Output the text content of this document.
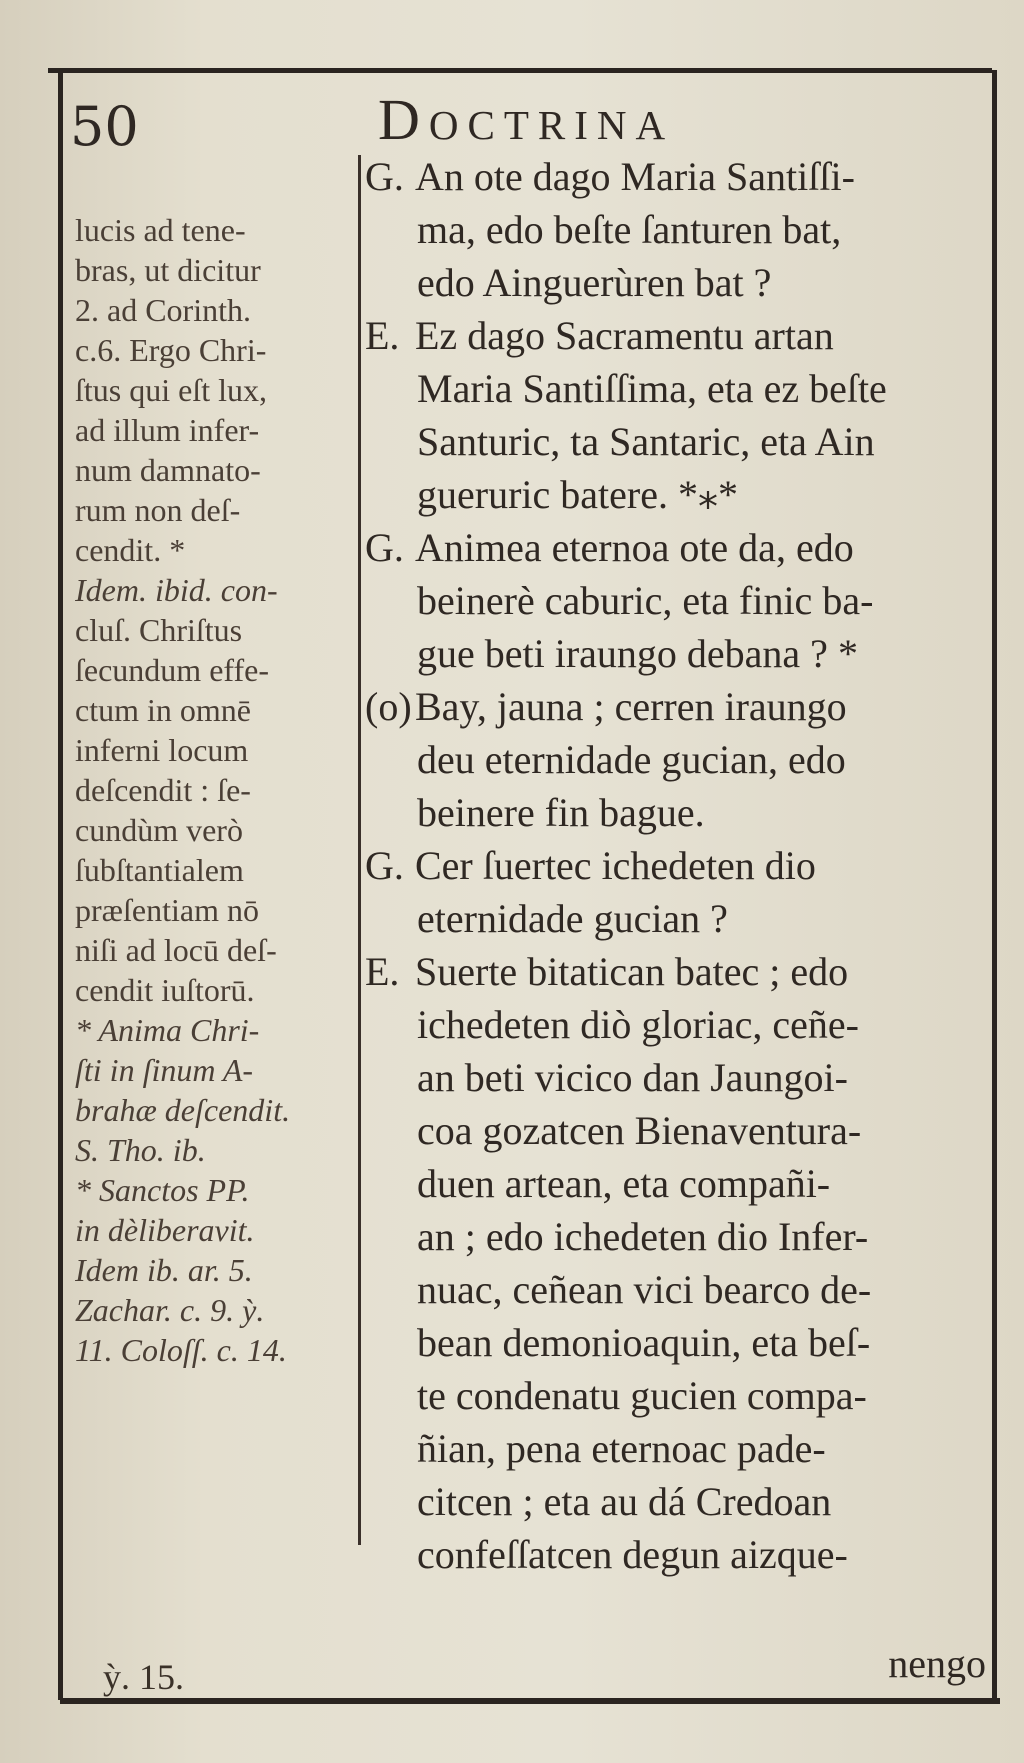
50	Doctrina
lucis ad tene-
bras, ut dicitur
2. ad Corinth.
c.6. Ergo Chri-
ſtus qui eſt lux,
ad illum infer-
num damnato-
rum non deſ-
cendit. *
Idem. ibid. con-
cluſ. Chriſtus
ſecundum effe-
ctum in omnē
inferni locum
deſcendit : ſe-
cundùm verò
ſubſtantialem
præſentiam nō
niſi ad locū deſ-
cendit iuſtorū.
* Anima Chri-
ſti in ſinum A-
brahæ deſcendit.
S. Tho. ib.
* Sanctos PP.
in dèliberavit.
Idem ib. ar. 5.
Zachar. c. 9. ỳ.
11. Coloſſ. c. 14.
ỳ. 15.
G. An ote dago Maria Santiſſi-
ma, edo beſte ſanturen bat,
edo Ainguerùren bat ?
E. Ez dago Sacramentu artan
Maria Santiſſima, eta ez beſte
Santuric, ta Santaric, eta Ain
gueruric batere. *⁎*
G. Animea eternoa ote da, edo
beinerè caburic, eta finic ba-
gue beti iraungo debana ? *
(o)Bay, jauna ; cerren iraungo
deu eternidade gucian, edo
beinere fin bague.
G. Cer ſuertec ichedeten dio
eternidade gucian ?
E. Suerte bitatican batec ; edo
ichedeten diò gloriac, ceñe-
an beti vicico dan Jaungoi-
coa gozatcen Bienaventura-
duen artean, eta compañi-
an ; edo ichedeten dio Infer-
nuac, ceñean vici bearco de-
bean demonioaquin, eta beſ-
te condenatu gucien compa-
ñian, pena eternoac pade-
citcen ; eta au dá Credoan
confeſſatcen degun aizque-
nengo
